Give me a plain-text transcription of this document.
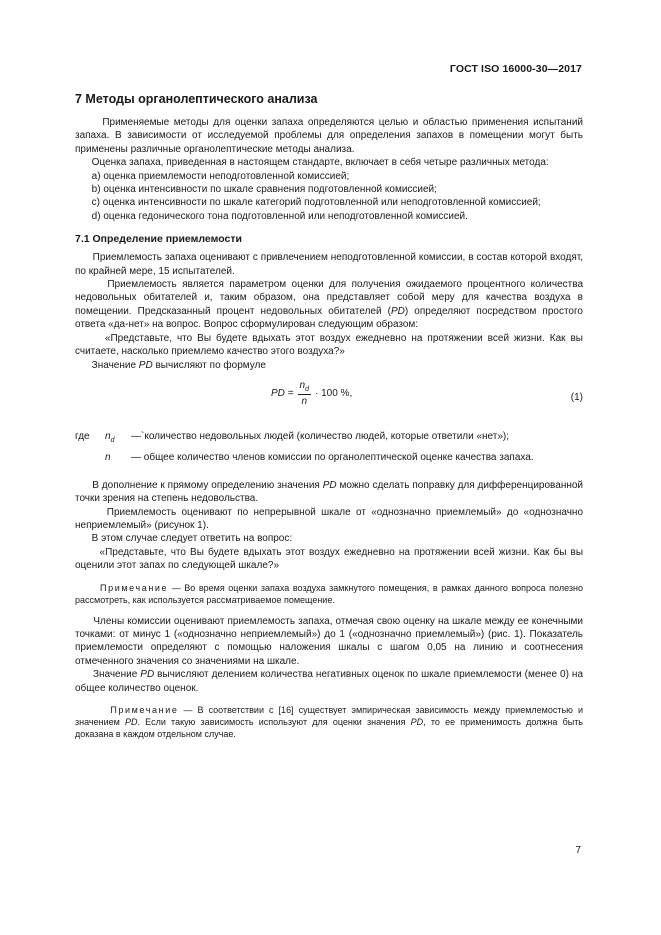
ГОСТ ISO 16000-30—2017
7 Методы органолептического анализа

Применяемые методы для оценки запаха определяются целью и областью применения испытаний запаха. В зависимости от исследуемой проблемы для определения запахов в помещении могут быть применены различные органолептические методы анализа.

Оценка запаха, приведенная в настоящем стандарте, включает в себя четыре различных метода:

a) оценка приемлемости неподготовленной комиссией;

b) оценка интенсивности по шкале сравнения подготовленной комиссией;

c) оценка интенсивности по шкале категорий подготовленной или неподготовленной комиссией;

d) оценка гедонического тона подготовленной или неподготовленной комиссией.

7.1 Определение приемлемости

Приемлемость запаха оценивают с привлечением неподготовленной комиссии, в состав которой входят, по крайней мере, 15 испытателей.

Приемлемость является параметром оценки для получения ожидаемого процентного количества недовольных обитателей и, таким образом, она представляет собой меру для качества воздуха в помещении. Предсказанный процент недовольных обитателей (PD) определяют посредством простого ответа «да-нет» на вопрос. Вопрос сформулирован следующим образом:

«Представьте, что Вы будете вдыхать этот воздух ежедневно на протяжении всей жизни. Как вы считаете, насколько приемлемо качество этого воздуха?»

Значение PD вычисляют по формуле

PD = $\frac{n_d}{n} \cdot 100$ %,	(1)
где	$n_d$	—`количество недовольных людей (количество людей, которые ответили «нет»);
n	— общее количество членов комиссии по органолептической оценке качества запаха.

В дополнение к прямому определению значения PD можно сделать поправку для дифференцированной точки зрения на степень недовольства.

Приемлемость оценивают по непрерывной шкале от «однозначно приемлемый» до «однозначно неприемлемый» (рисунок 1).

В этом случае следует ответить на вопрос:

«Представьте, что Вы будете вдыхать этот воздух ежедневно на протяжении всей жизни. Как бы вы оценили этот запах по следующей шкале?»

Примечание — Во время оценки запаха воздуха замкнутого помещения, в рамках данного вопроса полезно рассмотреть, как используется рассматриваемое помещение.

Члены комиссии оценивают приемлемость запаха, отмечая свою оценку на шкале между ее конечными точками: от минус 1 («однозначно неприемлемый») до 1 («однозначно приемлемый») (рис. 1). Показатель приемлемости определяют с помощью наложения шкалы с шагом 0,05 на линию и соотнесения отмеченного значения со значениями на шкале.

Значение PD вычисляют делением количества негативных оценок по шкале приемлемости (менее 0) на общее количество оценок.

Примечание — В соответствии с [16] существует эмпирическая зависимость между приемлемостью и значением PD. Если такую зависимость используют для оценки значения PD, то ее применимость должна быть доказана в каждом отдельном случае.

7
